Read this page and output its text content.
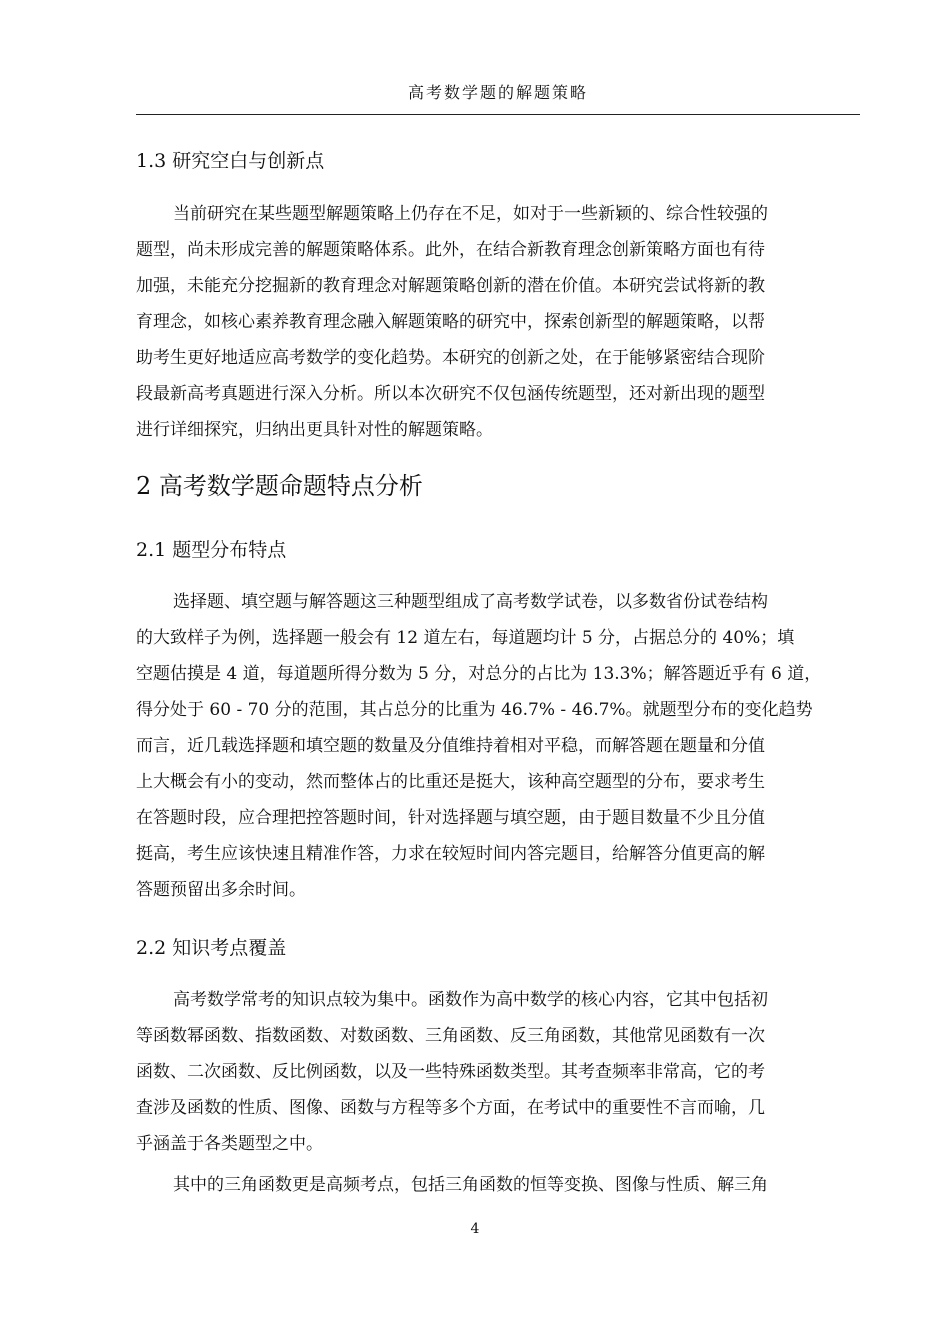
高考数学题的解题策略
1.3 研究空白与创新点
当前研究在某些题型解题策略上仍存在不足，如对于一些新颖的、综合性较强的
题型，尚未形成完善的解题策略体系。此外，在结合新教育理念创新策略方面也有待
加强，未能充分挖掘新的教育理念对解题策略创新的潜在价值。本研究尝试将新的教
育理念，如核心素养教育理念融入解题策略的研究中，探索创新型的解题策略，以帮
助考生更好地适应高考数学的变化趋势。本研究的创新之处，在于能够紧密结合现阶
段最新高考真题进行深入分析。所以本次研究不仅包涵传统题型，还对新出现的题型
进行详细探究，归纳出更具针对性的解题策略。
2 高考数学题命题特点分析
2.1 题型分布特点
选择题、填空题与解答题这三种题型组成了高考数学试卷，以多数省份试卷结构
的大致样子为例，选择题一般会有 12 道左右，每道题均计 5 分，占据总分的 40%；填
空题估摸是 4 道，每道题所得分数为 5 分，对总分的占比为 13.3%；解答题近乎有 6 道，
得分处于 60 - 70 分的范围，其占总分的比重为 46.7% - 46.7%。就题型分布的变化趋势
而言，近几载选择题和填空题的数量及分值维持着相对平稳，而解答题在题量和分值
上大概会有小的变动，然而整体占的比重还是挺大，该种高空题型的分布，要求考生
在答题时段，应合理把控答题时间，针对选择题与填空题，由于题目数量不少且分值
挺高，考生应该快速且精准作答，力求在较短时间内答完题目，给解答分值更高的解
答题预留出多余时间。
2.2 知识考点覆盖
高考数学常考的知识点较为集中。函数作为高中数学的核心内容，它其中包括初
等函数幂函数、指数函数、对数函数、三角函数、反三角函数，其他常见函数有一次
函数、二次函数、反比例函数，以及一些特殊函数类型。其考查频率非常高，它的考
查涉及函数的性质、图像、函数与方程等多个方面，在考试中的重要性不言而喻，几
乎涵盖于各类题型之中。
其中的三角函数更是高频考点，包括三角函数的恒等变换、图像与性质、解三角
4
